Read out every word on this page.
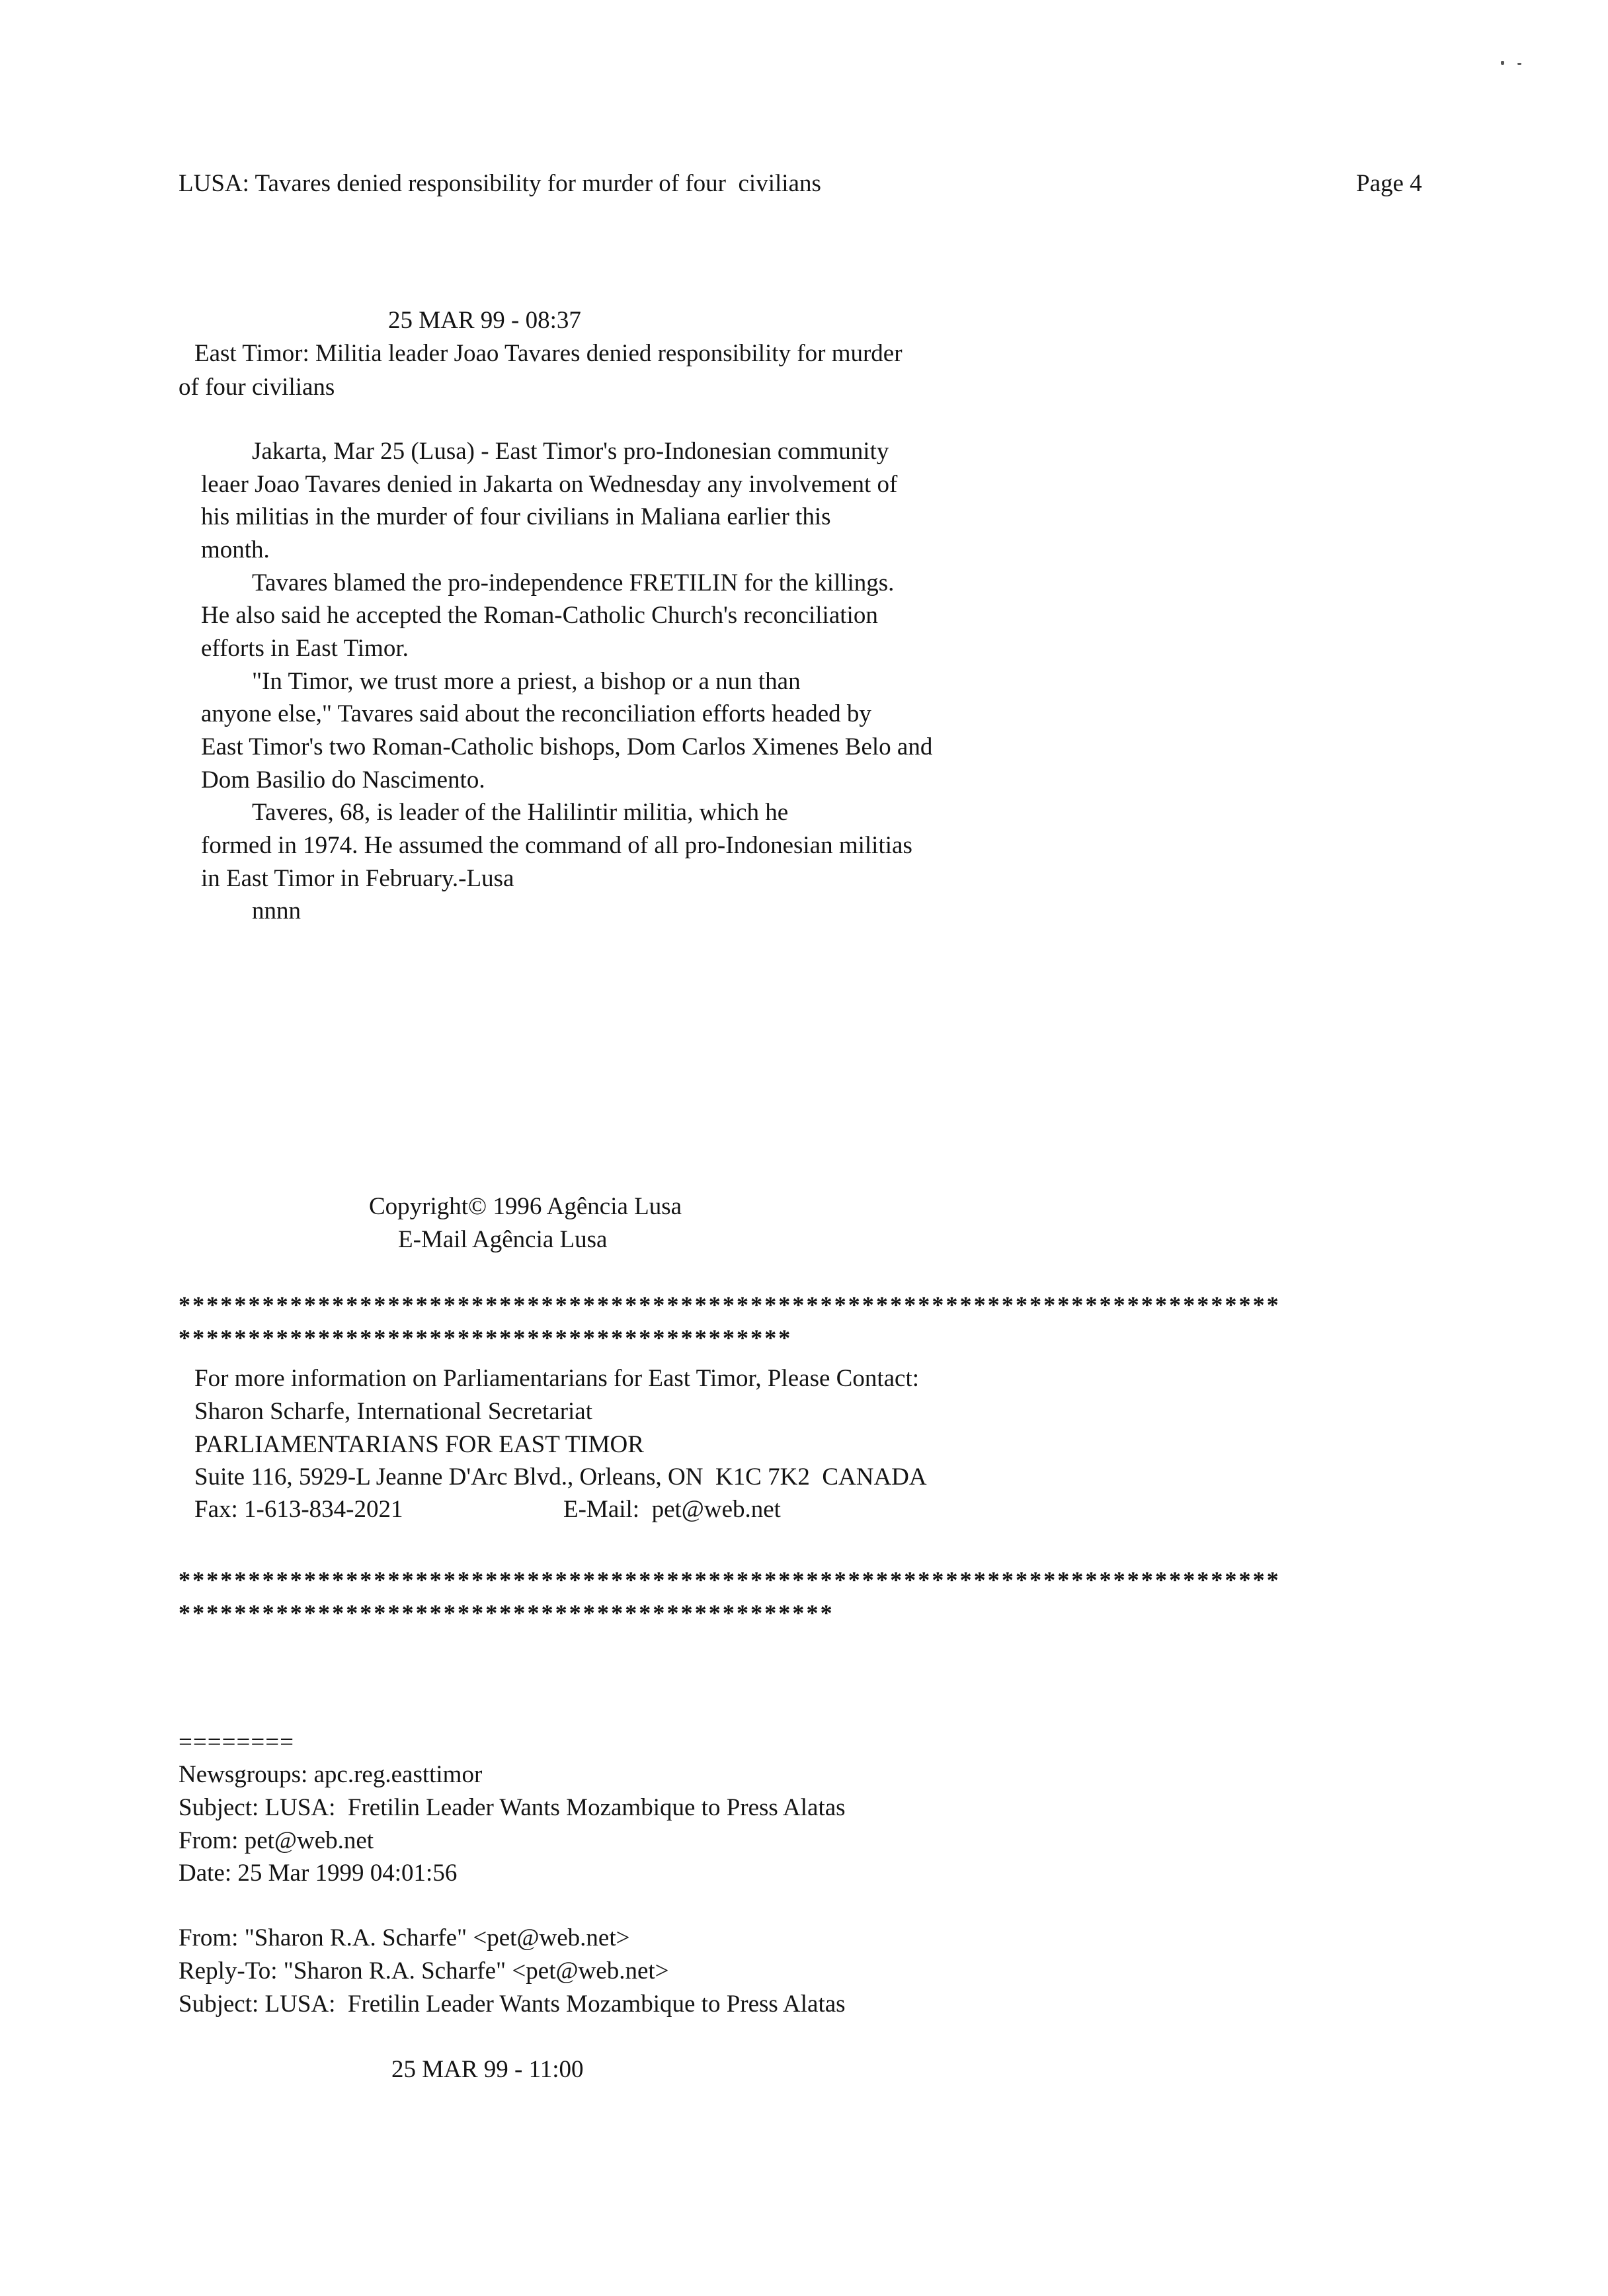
LUSA: Tavares denied responsibility for murder of four  civilians	Page 4
25 MAR 99 - 08:37
East Timor: Militia leader Joao Tavares denied responsibility for murder
of four civilians
Jakarta, Mar 25 (Lusa) - East Timor's pro-Indonesian community
leaer Joao Tavares denied in Jakarta on Wednesday any involvement of
his militias in the murder of four civilians in Maliana earlier this
month.
Tavares blamed the pro-independence FRETILIN for the killings.
He also said he accepted the Roman-Catholic Church's reconciliation
efforts in East Timor.
"In Timor, we trust more a priest, a bishop or a nun than
anyone else," Tavares said about the reconciliation efforts headed by
East Timor's two Roman-Catholic bishops, Dom Carlos Ximenes Belo and
Dom Basilio do Nascimento.
Taveres, 68, is leader of the Halilintir militia, which he
formed in 1974. He assumed the command of all pro-Indonesian militias
in East Timor in February.-Lusa
nnnn
Copyright© 1996 Agência Lusa
E-Mail Agência Lusa
*******************************************************************************
********************************************
For more information on Parliamentarians for East Timor, Please Contact:
Sharon Scharfe, International Secretariat
PARLIAMENTARIANS FOR EAST TIMOR
Suite 116, 5929-L Jeanne D'Arc Blvd., Orleans, ON  K1C 7K2  CANADA
Fax: 1-613-834-2021	E-Mail:  pet@web.net
*******************************************************************************
***********************************************
========
Newsgroups: apc.reg.easttimor
Subject: LUSA:  Fretilin Leader Wants Mozambique to Press Alatas
From: pet@web.net
Date: 25 Mar 1999 04:01:56
From: "Sharon R.A. Scharfe" <pet@web.net>
Reply-To: "Sharon R.A. Scharfe" <pet@web.net>
Subject: LUSA:  Fretilin Leader Wants Mozambique to Press Alatas
25 MAR 99 - 11:00
